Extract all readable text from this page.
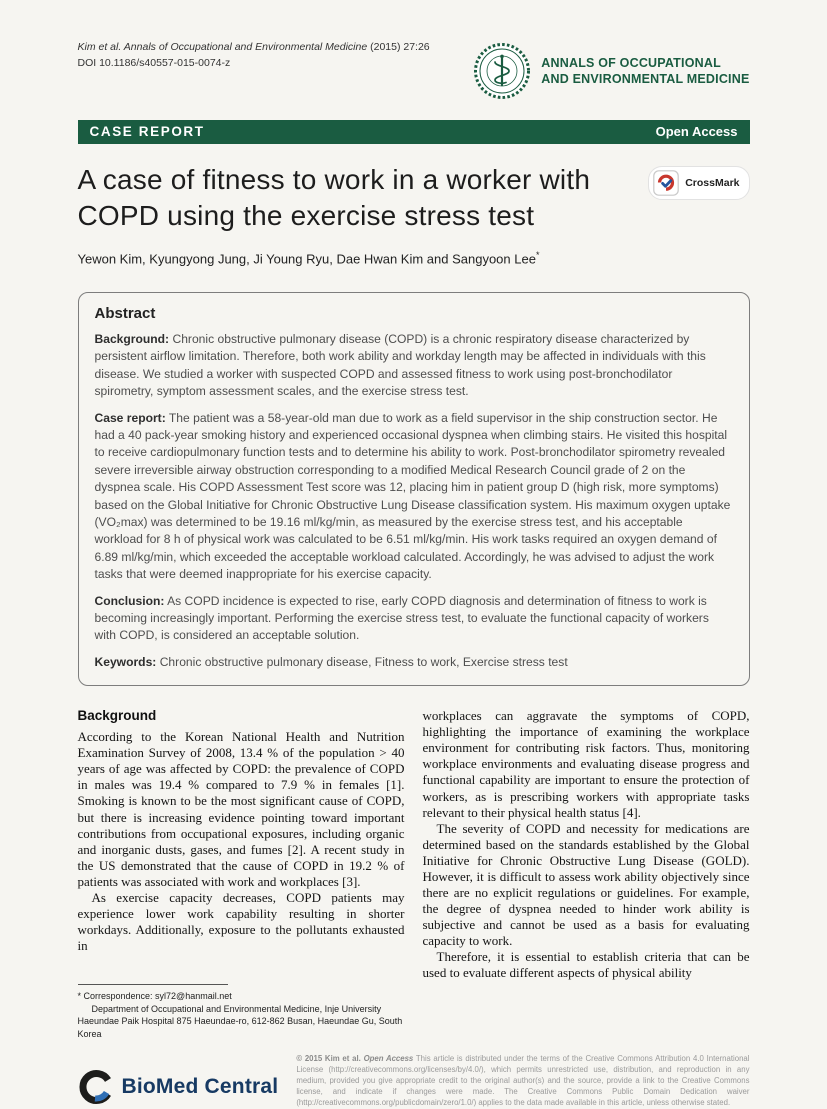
Kim et al. Annals of Occupational and Environmental Medicine (2015) 27:26
DOI 10.1186/s40557-015-0074-z	ANNALS OF OCCUPATIONAL
AND ENVIRONMENTAL MEDICINE
CASE REPORT	Open Access
A case of fitness to work in a worker with COPD using the exercise stress test
CrossMark
Yewon Kim, Kyungyong Jung, Ji Young Ryu, Dae Hwan Kim and Sangyoon Lee*
Abstract

Background: Chronic obstructive pulmonary disease (COPD) is a chronic respiratory disease characterized by persistent airflow limitation. Therefore, both work ability and workday length may be affected in individuals with this disease. We studied a worker with suspected COPD and assessed fitness to work using post-bronchodilator spirometry, symptom assessment scales, and the exercise stress test.

Case report: The patient was a 58-year-old man due to work as a field supervisor in the ship construction sector. He had a 40 pack-year smoking history and experienced occasional dyspnea when climbing stairs. He visited this hospital to receive cardiopulmonary function tests and to determine his ability to work. Post-bronchodilator spirometry revealed severe irreversible airway obstruction corresponding to a modified Medical Research Council grade of 2 on the dyspnea scale. His COPD Assessment Test score was 12, placing him in patient group D (high risk, more symptoms) based on the Global Initiative for Chronic Obstructive Lung Disease classification system. His maximum oxygen uptake (VO₂max) was determined to be 19.16 ml/kg/min, as measured by the exercise stress test, and his acceptable workload for 8 h of physical work was calculated to be 6.51 ml/kg/min. His work tasks required an oxygen demand of 6.89 ml/kg/min, which exceeded the acceptable workload calculated. Accordingly, he was advised to adjust the work tasks that were deemed inappropriate for his exercise capacity.

Conclusion: As COPD incidence is expected to rise, early COPD diagnosis and determination of fitness to work is becoming increasingly important. Performing the exercise stress test, to evaluate the functional capacity of workers with COPD, is considered an acceptable solution.

Keywords: Chronic obstructive pulmonary disease, Fitness to work, Exercise stress test

Background

According to the Korean National Health and Nutrition Examination Survey of 2008, 13.4 % of the population > 40 years of age was affected by COPD: the prevalence of COPD in males was 19.4 % compared to 7.9 % in females [1]. Smoking is known to be the most significant cause of COPD, but there is increasing evidence pointing toward important contributions from occupational exposures, including organic and inorganic dusts, gases, and fumes [2]. A recent study in the US demonstrated that the cause of COPD in 19.2 % of patients was associated with work and workplaces [3].

As exercise capacity decreases, COPD patients may experience lower work capability resulting in shorter workdays. Additionally, exposure to the pollutants exhausted in

* Correspondence: syl72@hanmail.net

Department of Occupational and Environmental Medicine, Inje University Haeundae Paik Hospital 875 Haeundae-ro, 612-862 Busan, Haeundae Gu, South Korea

workplaces can aggravate the symptoms of COPD, highlighting the importance of examining the workplace environment for contributing risk factors. Thus, monitoring workplace environments and evaluating disease progress and functional capability are important to ensure the protection of workers, as is prescribing workers with appropriate tasks relevant to their physical health status [4].

The severity of COPD and necessity for medications are determined based on the standards established by the Global Initiative for Chronic Obstructive Lung Disease (GOLD). However, it is difficult to assess work ability objectively since there are no explicit regulations or guidelines. For example, the degree of dyspnea needed to hinder work ability is subjective and cannot be used as a basis for evaluating capacity to work.

Therefore, it is essential to establish criteria that can be used to evaluate different aspects of physical ability

BioMed Central

© 2015 Kim et al. Open Access This article is distributed under the terms of the Creative Commons Attribution 4.0 International License (http://creativecommons.org/licenses/by/4.0/), which permits unrestricted use, distribution, and reproduction in any medium, provided you give appropriate credit to the original author(s) and the source, provide a link to the Creative Commons license, and indicate if changes were made. The Creative Commons Public Domain Dedication waiver (http://creativecommons.org/publicdomain/zero/1.0/) applies to the data made available in this article, unless otherwise stated.
